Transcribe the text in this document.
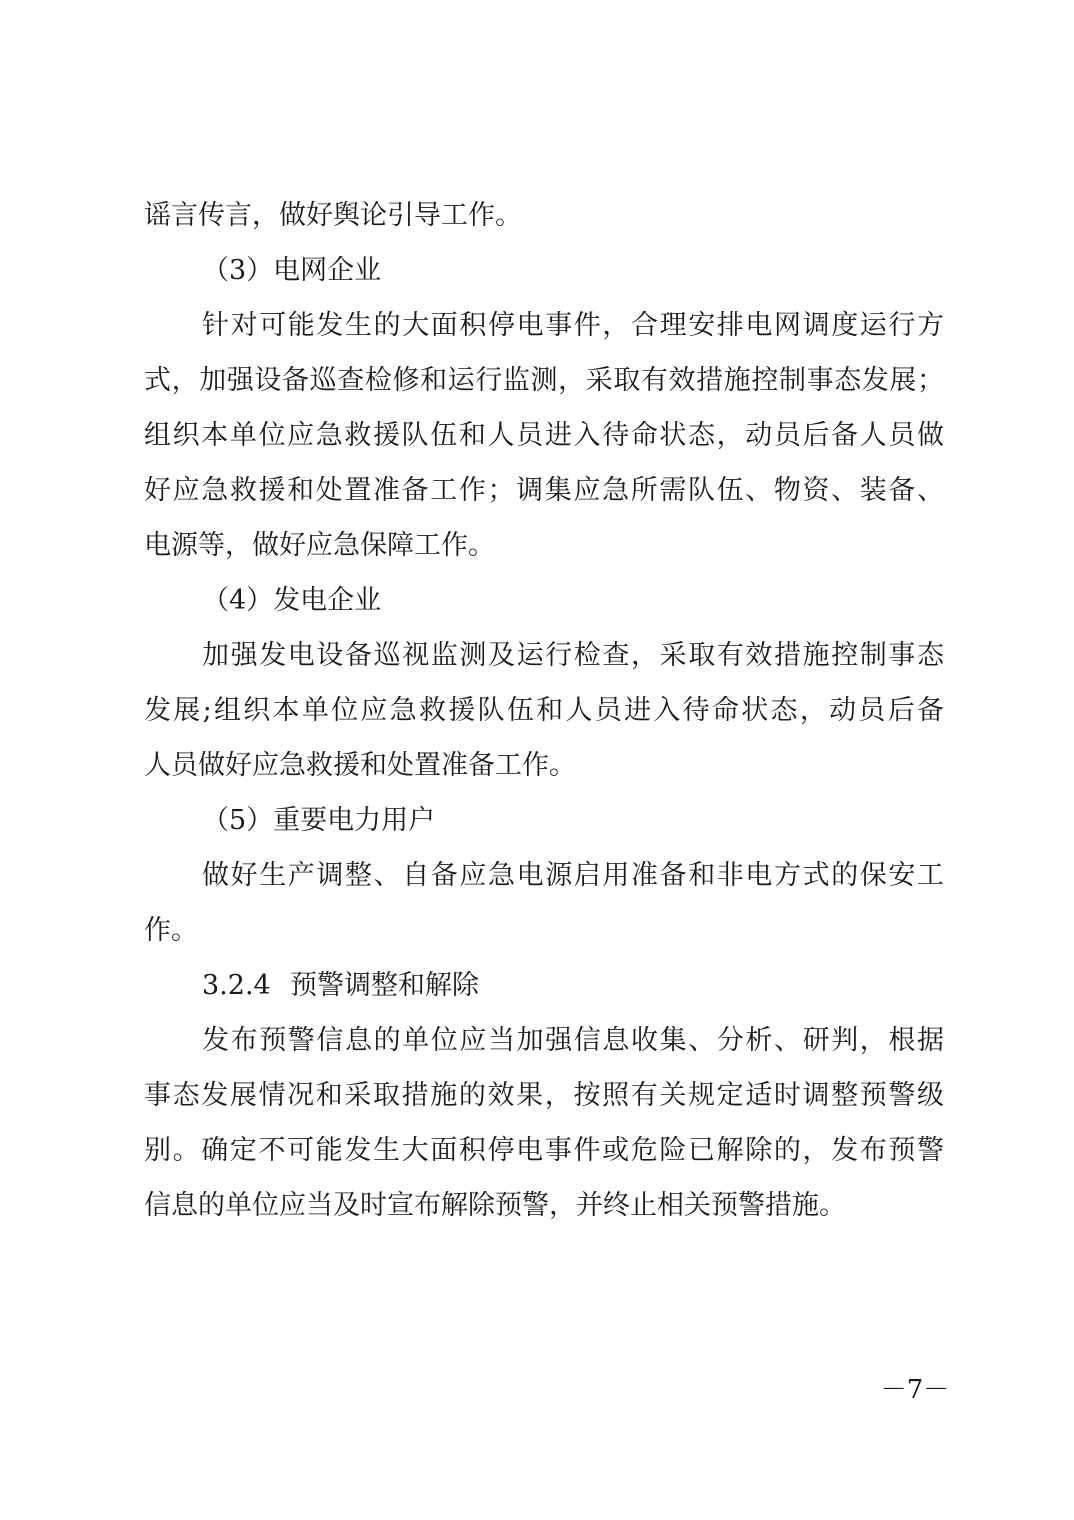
谣言传言，做好舆论引导工作。
（3）电网企业
针对可能发生的大面积停电事件，合理安排电网调度运行方
式，加强设备巡查检修和运行监测，采取有效措施控制事态发展；
组织本单位应急救援队伍和人员进入待命状态，动员后备人员做
好应急救援和处置准备工作；调集应急所需队伍、物资、装备、
电源等，做好应急保障工作。
（4）发电企业
加强发电设备巡视监测及运行检查，采取有效措施控制事态
发展;组织本单位应急救援队伍和人员进入待命状态，动员后备
人员做好应急救援和处置准备工作。
（5）重要电力用户
做好生产调整、自备应急电源启用准备和非电方式的保安工
作。
3.2.4 预警调整和解除
发布预警信息的单位应当加强信息收集、分析、研判，根据
事态发展情况和采取措施的效果，按照有关规定适时调整预警级
别。确定不可能发生大面积停电事件或危险已解除的，发布预警
信息的单位应当及时宣布解除预警，并终止相关预警措施。
－7－
